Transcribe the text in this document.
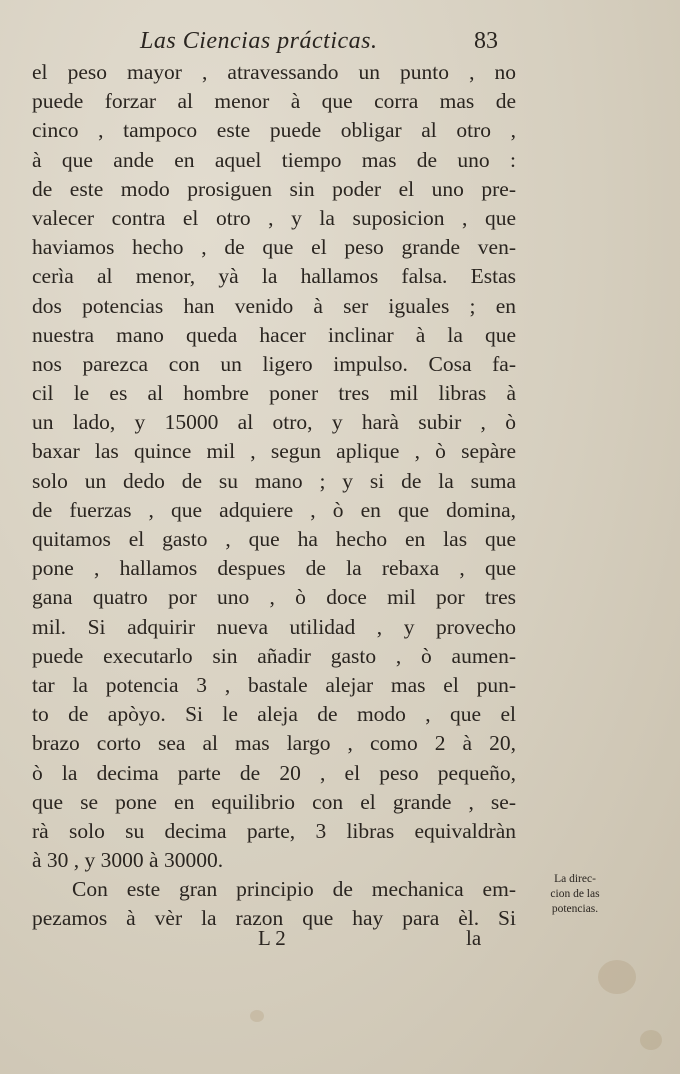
Las Ciencias prácticas.	83
el peso mayor , atravessando un punto , no
puede forzar al menor à que corra mas de
cinco , tampoco este puede obligar al otro ,
à que ande en aquel tiempo mas de uno :
de este modo prosiguen sin poder el uno pre-
valecer contra el otro , y la suposicion , que
haviamos hecho , de que el peso grande ven-
cerìa al menor, yà la hallamos falsa. Estas
dos potencias han venido à ser iguales ; en
nuestra mano queda hacer inclinar à la que
nos parezca con un ligero impulso. Cosa fa-
cil le es al hombre poner tres mil libras à
un lado, y 15000 al otro, y harà subir , ò
baxar las quince mil , segun aplique , ò sepàre
solo un dedo de su mano ; y si de la suma
de fuerzas , que adquiere , ò en que domina,
quitamos el gasto , que ha hecho en las que
pone , hallamos despues de la rebaxa , que
gana quatro por uno , ò doce mil por tres
mil. Si adquirir nueva utilidad , y provecho
puede executarlo sin añadir gasto , ò aumen-
tar la potencia 3 , bastale alejar mas el pun-
to de apòyo. Si le aleja de modo , que el
brazo corto sea al mas largo , como 2 à 20,
ò la decima parte de 20 , el peso pequeño,
que se pone en equilibrio con el grande , se-
rà solo su decima parte, 3 libras equivaldràn
à 30 , y 3000 à 30000.
Con este gran principio de mechanica em-
pezamos à vèr la razon que hay para èl. Si
La direc-
cion de las
potencias.
L 2	la
